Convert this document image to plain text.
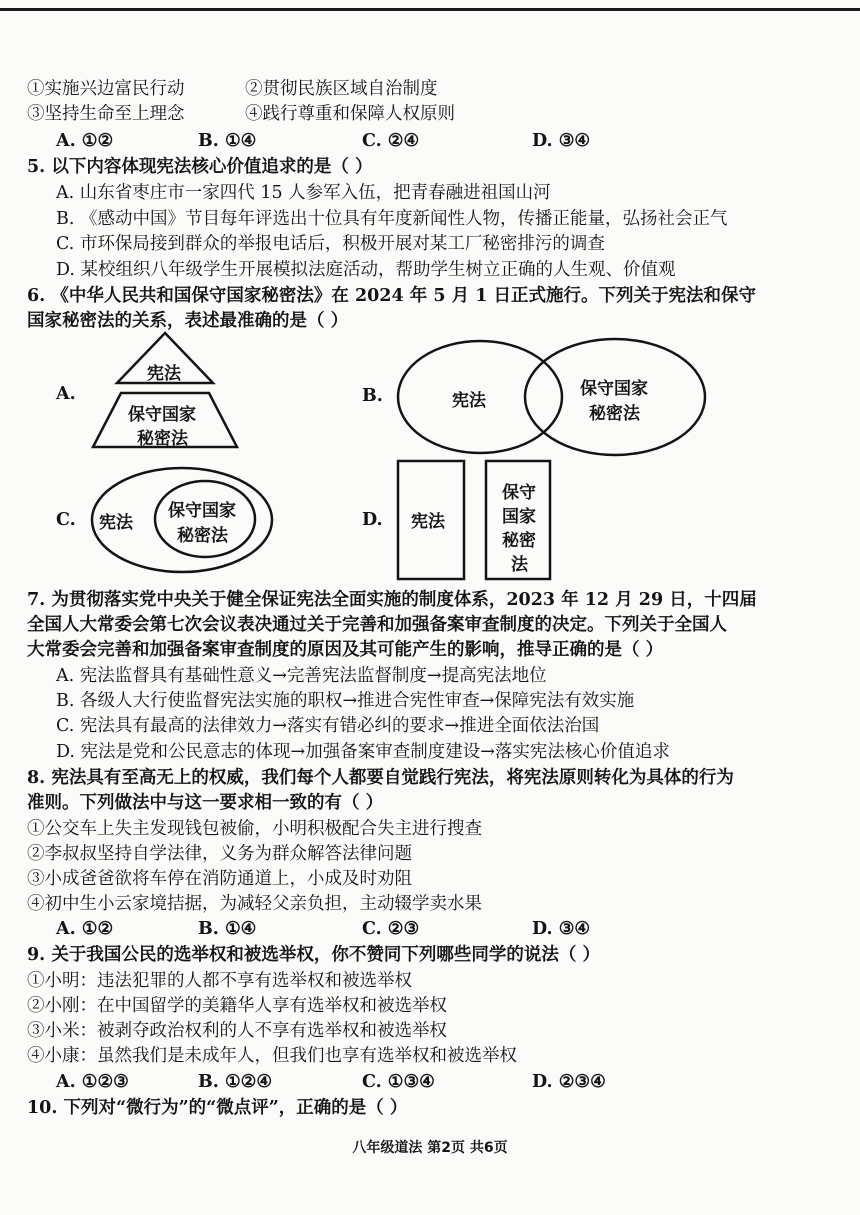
①实施兴边富民行动	②贯彻民族区域自治制度
③坚持生命至上理念	④践行尊重和保障人权原则
A. ①②	B. ①④	C. ②④	D. ③④
5. 以下内容体现宪法核心价值追求的是（ ）
A. 山东省枣庄市一家四代 15 人参军入伍，把青春融进祖国山河
B. 《感动中国》节目每年评选出十位具有年度新闻性人物，传播正能量，弘扬社会正气
C. 市环保局接到群众的举报电话后，积极开展对某工厂秘密排污的调查
D. 某校组织八年级学生开展模拟法庭活动，帮助学生树立正确的人生观、价值观
6. 《中华人民共和国保守国家秘密法》在 2024 年 5 月 1 日正式施行。下列关于宪法和保守
国家秘密法的关系，表述最准确的是（ ）
A.
宪法
保守国家
秘密法
B.	宪法
保守国家
秘密法
C. 宪法
保守国家
秘密法
D. 宪法
保守
国家
秘密
法
7. 为贯彻落实党中央关于健全保证宪法全面实施的制度体系，2023 年 12 月 29 日，十四届
全国人大常委会第七次会议表决通过关于完善和加强备案审查制度的决定。下列关于全国人
大常委会完善和加强备案审查制度的原因及其可能产生的影响，推导正确的是（ ）
A. 宪法监督具有基础性意义→完善宪法监督制度→提高宪法地位
B. 各级人大行使监督宪法实施的职权→推进合宪性审查→保障宪法有效实施
C. 宪法具有最高的法律效力→落实有错必纠的要求→推进全面依法治国
D. 宪法是党和公民意志的体现→加强备案审查制度建设→落实宪法核心价值追求
8. 宪法具有至高无上的权威，我们每个人都要自觉践行宪法，将宪法原则转化为具体的行为
准则。下列做法中与这一要求相一致的有（ ）
①公交车上失主发现钱包被偷，小明积极配合失主进行搜查
②李叔叔坚持自学法律，义务为群众解答法律问题
③小成爸爸欲将车停在消防通道上，小成及时劝阻
④初中生小云家境拮据，为减轻父亲负担，主动辍学卖水果
A. ①②	B. ①④	C. ②③	D. ③④
9. 关于我国公民的选举权和被选举权，你不赞同下列哪些同学的说法（ ）
①小明：违法犯罪的人都不享有选举权和被选举权
②小刚：在中国留学的美籍华人享有选举权和被选举权
③小米：被剥夺政治权利的人不享有选举权和被选举权
④小康：虽然我们是未成年人，但我们也享有选举权和被选举权
A. ①②③	B. ①②④	C. ①③④	D. ②③④
10. 下列对“微行为”的“微点评”，正确的是（ ）
八年级道法 第2页 共6页
